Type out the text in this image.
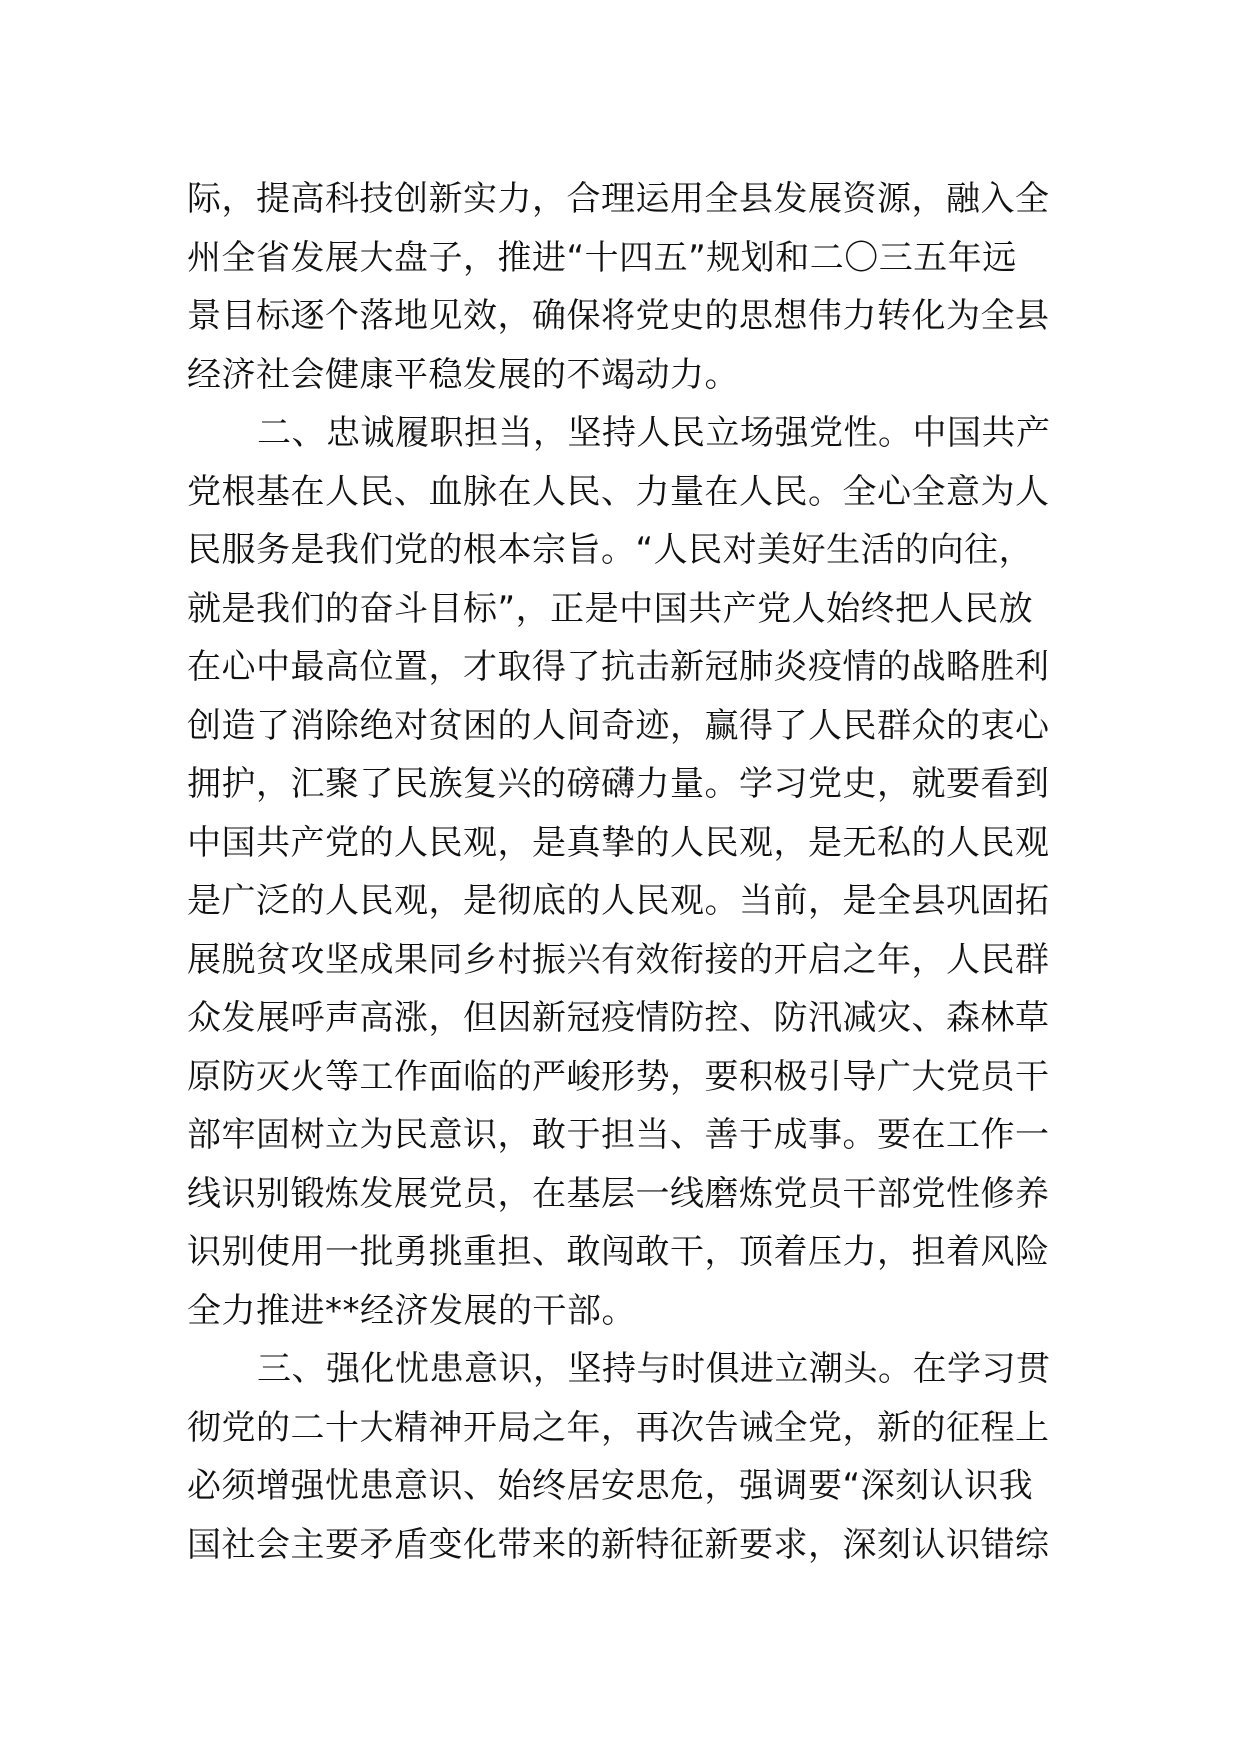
际，提高科技创新实力，合理运用全县发展资源，融入全
州全省发展大盘子，推进“十四五”规划和二〇三五年远
景目标逐个落地见效，确保将党史的思想伟力转化为全县
经济社会健康平稳发展的不竭动力。
二、忠诚履职担当，坚持人民立场强党性。中国共产
党根基在人民、血脉在人民、力量在人民。全心全意为人
民服务是我们党的根本宗旨。“人民对美好生活的向往，
就是我们的奋斗目标”，正是中国共产党人始终把人民放
在心中最高位置，才取得了抗击新冠肺炎疫情的战略胜利
创造了消除绝对贫困的人间奇迹，赢得了人民群众的衷心
拥护，汇聚了民族复兴的磅礴力量。学习党史，就要看到
中国共产党的人民观，是真挚的人民观，是无私的人民观
是广泛的人民观，是彻底的人民观。当前，是全县巩固拓
展脱贫攻坚成果同乡村振兴有效衔接的开启之年，人民群
众发展呼声高涨，但因新冠疫情防控、防汛减灾、森林草
原防灭火等工作面临的严峻形势，要积极引导广大党员干
部牢固树立为民意识，敢于担当、善于成事。要在工作一
线识别锻炼发展党员，在基层一线磨炼党员干部党性修养
识别使用一批勇挑重担、敢闯敢干，顶着压力，担着风险
全力推进**经济发展的干部。
三、强化忧患意识，坚持与时俱进立潮头。在学习贯
彻党的二十大精神开局之年，再次告诫全党，新的征程上
必须增强忧患意识、始终居安思危，强调要“深刻认识我
国社会主要矛盾变化带来的新特征新要求，深刻认识错综
